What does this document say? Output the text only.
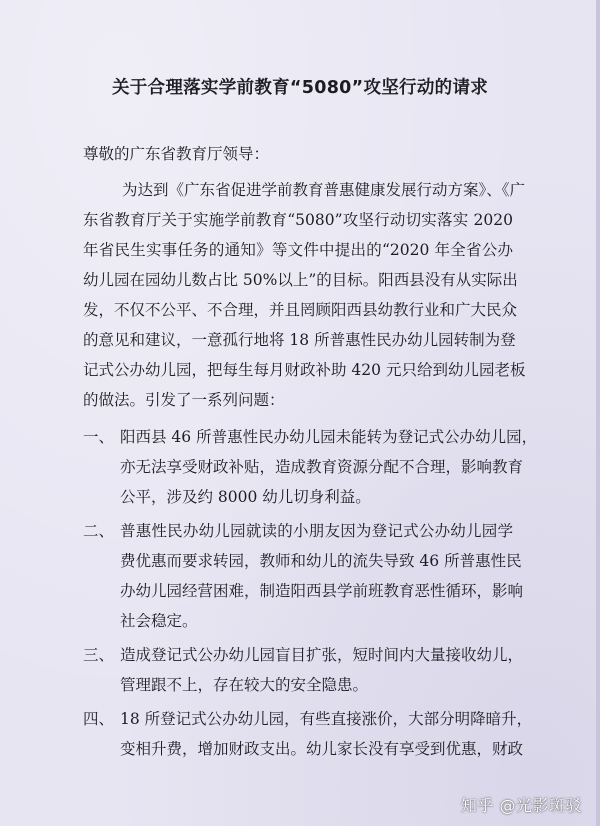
关于合理落实学前教育“5080”攻坚行动的请求

尊敬的广东省教育厅领导：

为达到《广东省促进学前教育普惠健康发展行动方案》、《广

东省教育厅关于实施学前教育“5080”攻坚行动切实落实 2020

年省民生实事任务的通知》等文件中提出的“2020 年全省公办

幼儿园在园幼儿数占比 50%以上”的目标。阳西县没有从实际出

发，不仅不公平、不合理，并且罔顾阳西县幼教行业和广大民众

的意见和建议，一意孤行地将 18 所普惠性民办幼儿园转制为登

记式公办幼儿园，把每生每月财政补助 420 元只给到幼儿园老板

的做法。引发了一系列问题：

一、 阳西县 46 所普惠性民办幼儿园未能转为登记式公办幼儿园，

亦无法享受财政补贴，造成教育资源分配不合理，影响教育

公平，涉及约 8000 幼儿切身利益。

二、 普惠性民办幼儿园就读的小朋友因为登记式公办幼儿园学

费优惠而要求转园，教师和幼儿的流失导致 46 所普惠性民

办幼儿园经营困难，制造阳西县学前班教育恶性循环，影响

社会稳定。

三、 造成登记式公办幼儿园盲目扩张，短时间内大量接收幼儿，

管理跟不上，存在较大的安全隐患。

四、 18 所登记式公办幼儿园，有些直接涨价，大部分明降暗升，

变相升费，增加财政支出。幼儿家长没有享受到优惠，财政

知乎 @光影斑驳
